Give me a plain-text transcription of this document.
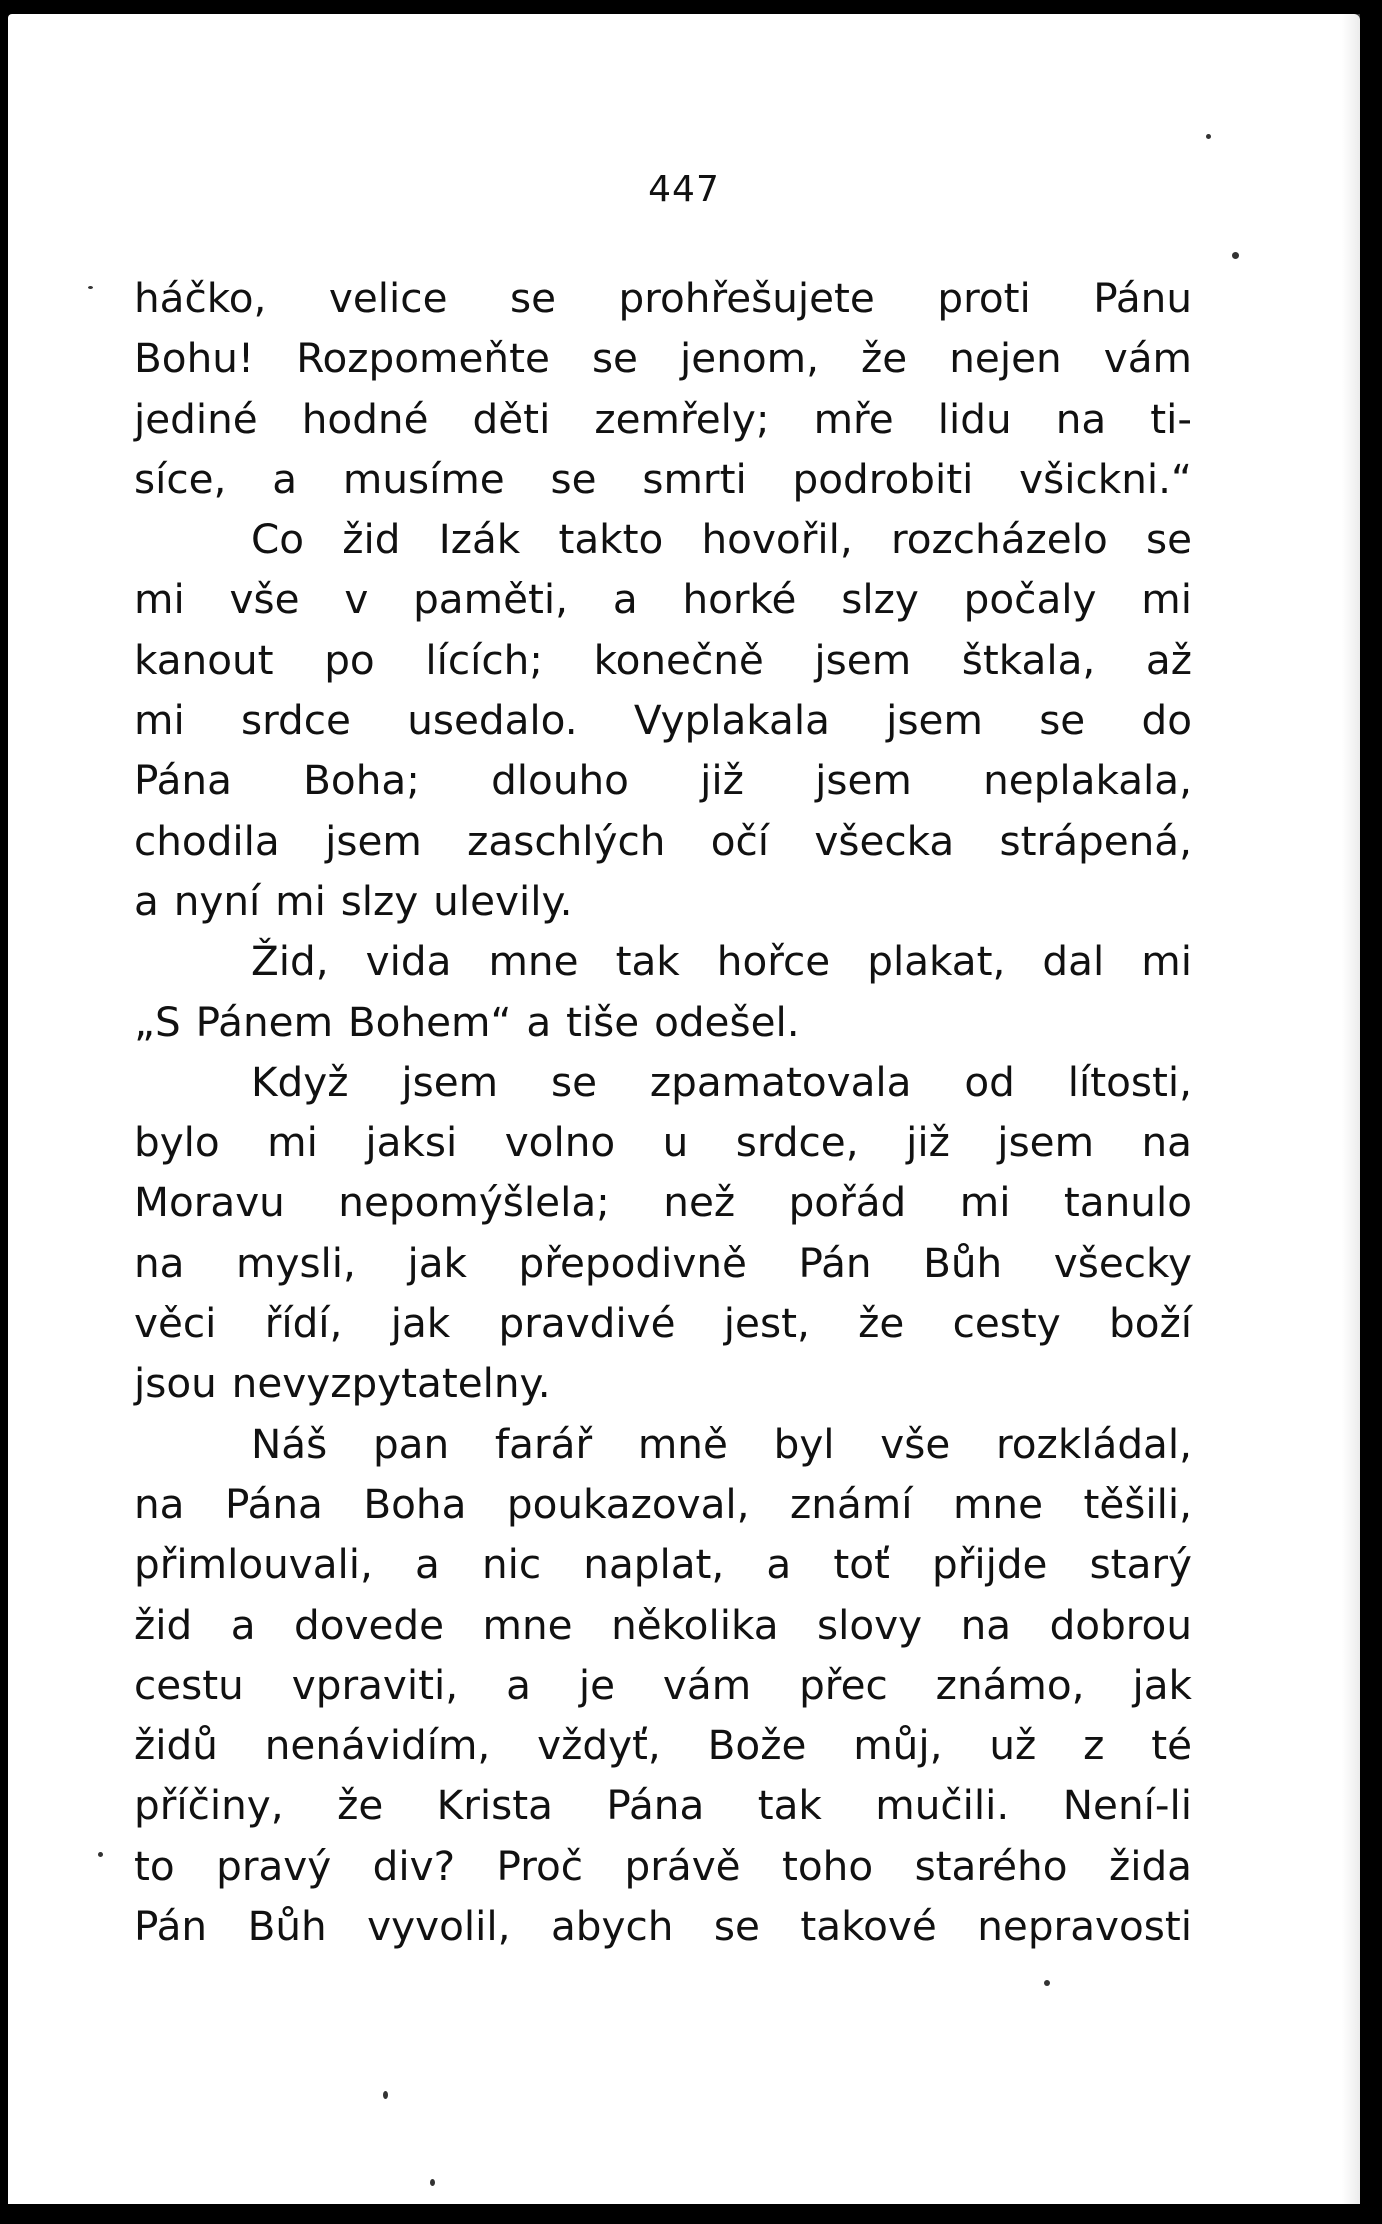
447
háčko, velice se prohřešujete proti Pánu
Bohu! Rozpomeňte se jenom, že nejen vám
jediné hodné děti zemřely; mře lidu na ti-
síce, a musíme se smrti podrobiti všickni.“
Co žid Izák takto hovořil, rozcházelo se
mi vše v paměti, a horké slzy počaly mi
kanout po lících; konečně jsem štkala, až
mi srdce usedalo. Vyplakala jsem se do
Pána Boha; dlouho již jsem neplakala,
chodila jsem zaschlých očí všecka strápená,
a nyní mi slzy ulevily.
Žid, vida mne tak hořce plakat, dal mi
„S Pánem Bohem“ a tiše odešel.
Když jsem se zpamatovala od lítosti,
bylo mi jaksi volno u srdce, již jsem na
Moravu nepomýšlela; než pořád mi tanulo
na mysli, jak přepodivně Pán Bůh všecky
věci řídí, jak pravdivé jest, že cesty boží
jsou nevyzpytatelny.
Náš pan farář mně byl vše rozkládal,
na Pána Boha poukazoval, známí mne těšili,
přimlouvali, a nic naplat, a toť přijde starý
žid a dovede mne několika slovy na dobrou
cestu vpraviti, a je vám přec známo, jak
židů nenávidím, vždyť, Bože můj, už z té
příčiny, že Krista Pána tak mučili. Není-li
to pravý div? Proč právě toho starého žida
Pán Bůh vyvolil, abych se takové nepravosti
